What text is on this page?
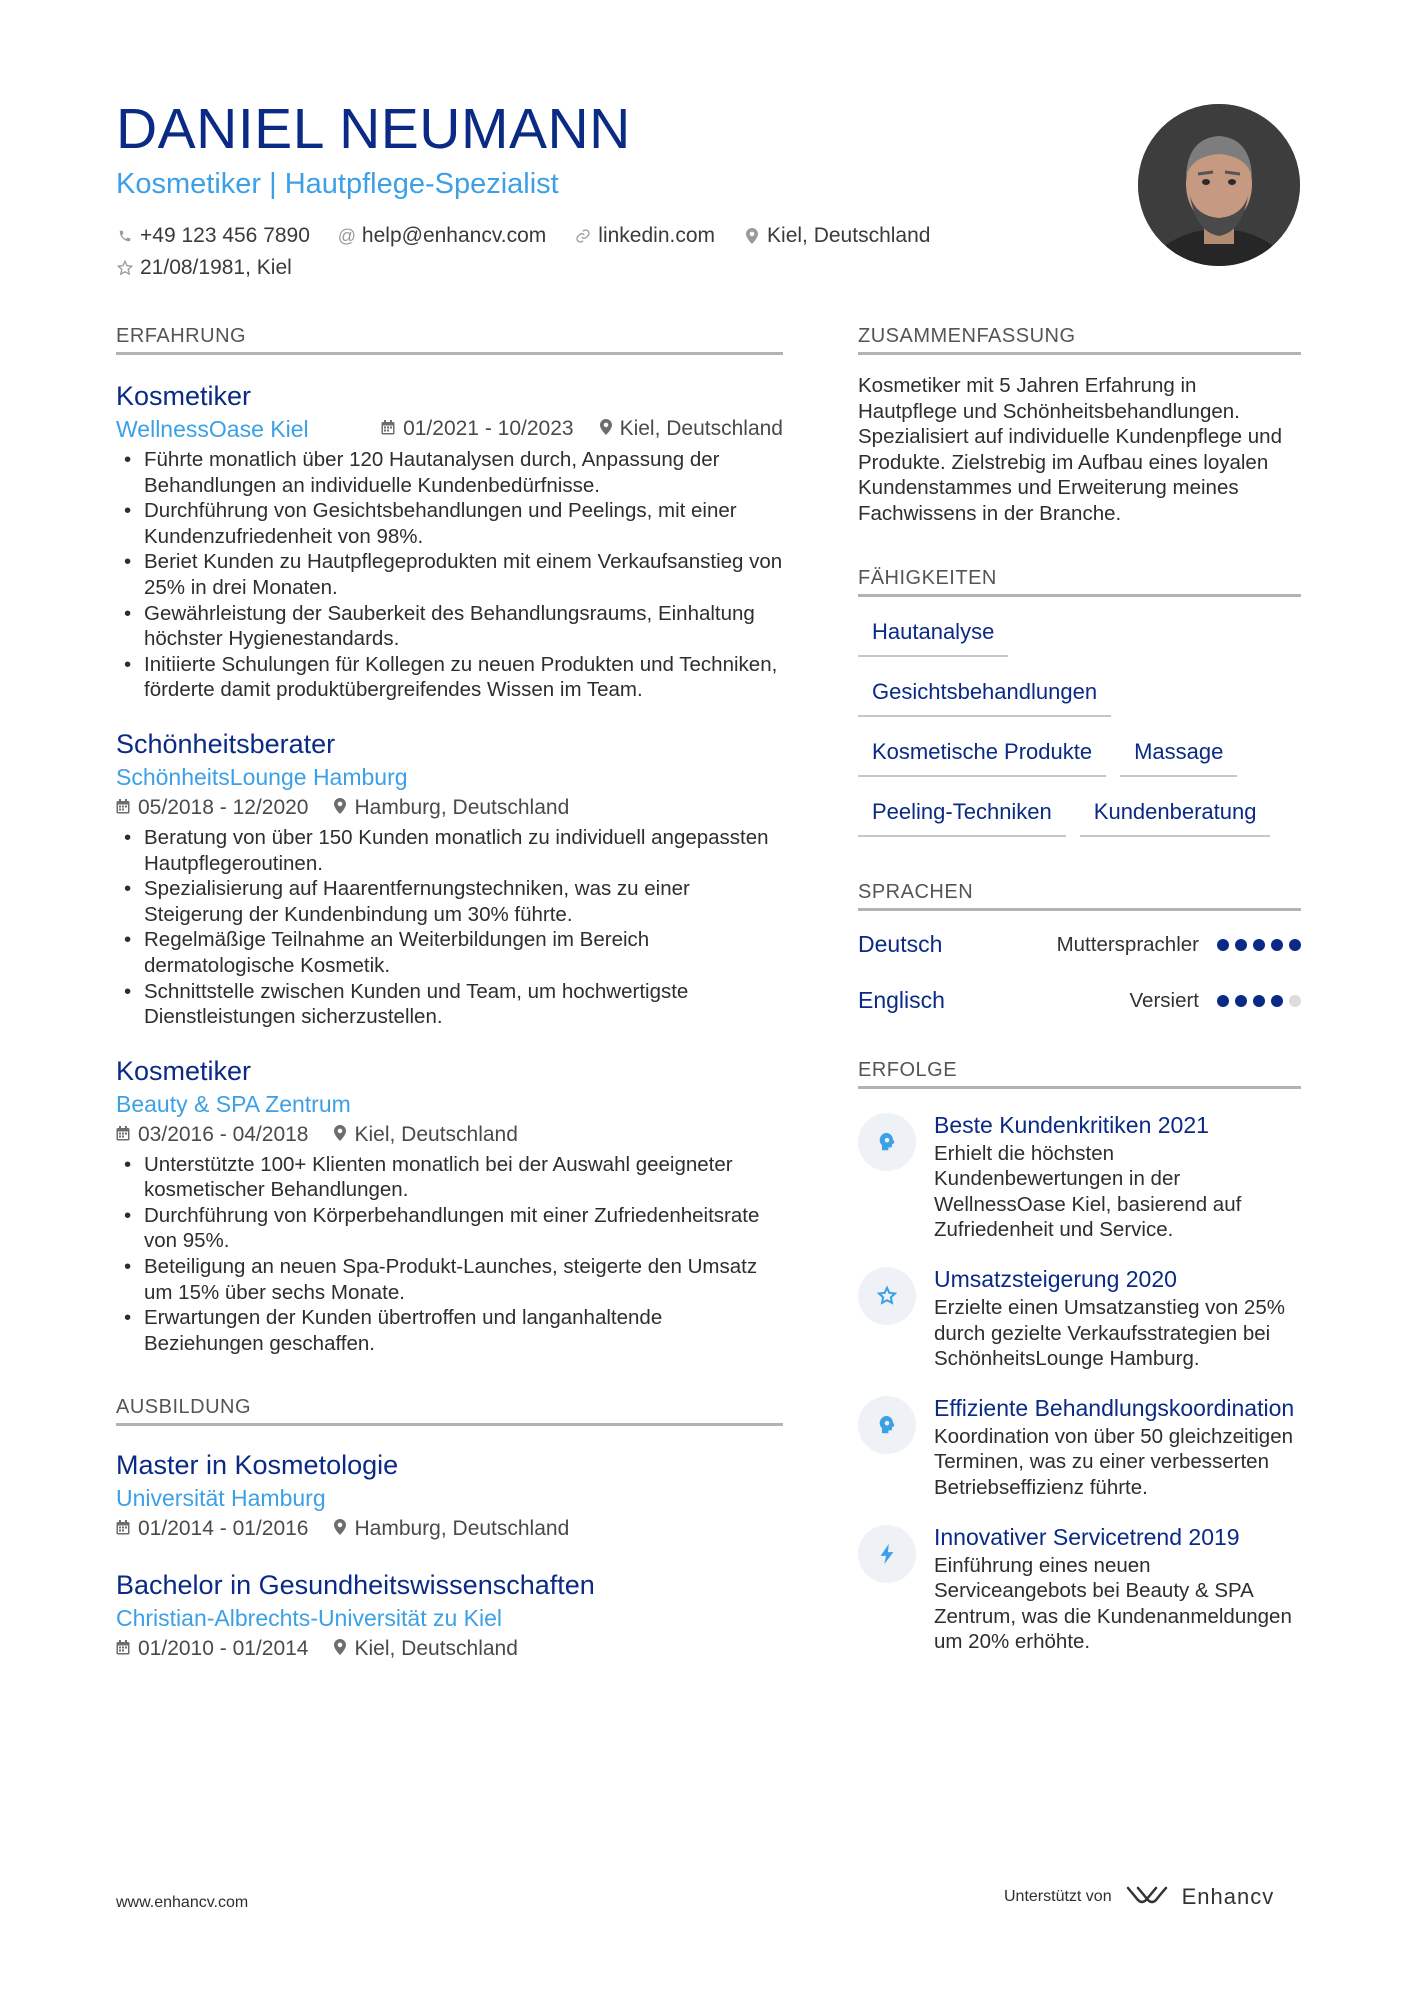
DANIEL NEUMANN
Kosmetiker | Hautpflege-Spezialist
+49 123 456 7890 @ help@enhancv.com linkedin.com Kiel, Deutschland
21/08/1981, Kiel
ERFAHRUNG
Kosmetiker
WellnessOase Kiel	01/2021 - 10/2023 Kiel, Deutschland
• Führte monatlich über 120 Hautanalysen durch, Anpassung der Behandlungen an individuelle Kundenbedürfnisse.
• Durchführung von Gesichtsbehandlungen und Peelings, mit einer Kundenzufriedenheit von 98%.
• Beriet Kunden zu Hautpflegeprodukten mit einem Verkaufsanstieg von 25% in drei Monaten.
• Gewährleistung der Sauberkeit des Behandlungsraums, Einhaltung höchster Hygienestandards.
• Initiierte Schulungen für Kollegen zu neuen Produkten und Techniken, förderte damit produktübergreifendes Wissen im Team.
Schönheitsberater
SchönheitsLounge Hamburg
05/2018 - 12/2020 Hamburg, Deutschland
• Beratung von über 150 Kunden monatlich zu individuell angepassten Hautpflegeroutinen.
• Spezialisierung auf Haarentfernungstechniken, was zu einer Steigerung der Kundenbindung um 30% führte.
• Regelmäßige Teilnahme an Weiterbildungen im Bereich dermatologische Kosmetik.
• Schnittstelle zwischen Kunden und Team, um hochwertigste Dienstleistungen sicherzustellen.
Kosmetiker
Beauty & SPA Zentrum
03/2016 - 04/2018 Kiel, Deutschland
• Unterstützte 100+ Klienten monatlich bei der Auswahl geeigneter kosmetischer Behandlungen.
• Durchführung von Körperbehandlungen mit einer Zufriedenheitsrate von 95%.
• Beteiligung an neuen Spa-Produkt-Launches, steigerte den Umsatz um 15% über sechs Monate.
• Erwartungen der Kunden übertroffen und langanhaltende Beziehungen geschaffen.
AUSBILDUNG
Master in Kosmetologie
Universität Hamburg
01/2014 - 01/2016 Hamburg, Deutschland
Bachelor in Gesundheitswissenschaften
Christian-Albrechts-Universität zu Kiel
01/2010 - 01/2014 Kiel, Deutschland
ZUSAMMENFASSUNG
Kosmetiker mit 5 Jahren Erfahrung in Hautpflege und Schönheitsbehandlungen. Spezialisiert auf individuelle Kundenpflege und Produkte. Zielstrebig im Aufbau eines loyalen Kundenstammes und Erweiterung meines Fachwissens in der Branche.
FÄHIGKEITEN
Hautanalyse
Gesichtsbehandlungen
Kosmetische Produkte	Massage
Peeling-Techniken	Kundenberatung
SPRACHEN
Deutsch	Muttersprachler
Englisch	Versiert
ERFOLGE
Beste Kundenkritiken 2021
Erhielt die höchsten Kundenbewertungen in der WellnessOase Kiel, basierend auf Zufriedenheit und Service.
Umsatzsteigerung 2020
Erzielte einen Umsatzanstieg von 25% durch gezielte Verkaufsstrategien bei SchönheitsLounge Hamburg.
Effiziente Behandlungskoordination
Koordination von über 50 gleichzeitigen Terminen, was zu einer verbesserten Betriebseffizienz führte.
Innovativer Servicetrend 2019
Einführung eines neuen Serviceangebots bei Beauty & SPA Zentrum, was die Kundenanmeldungen um 20% erhöhte.
www.enhancv.com	Unterstützt von	Enhancv
